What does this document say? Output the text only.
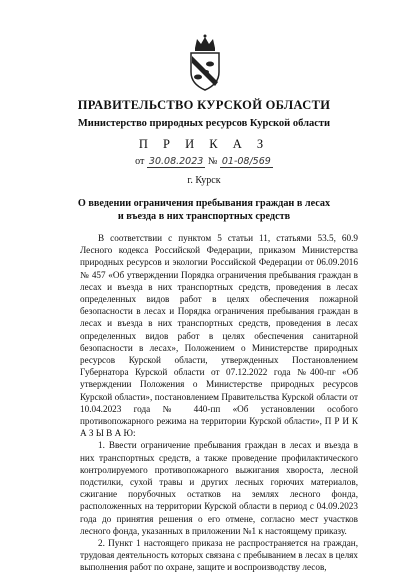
ПРАВИТЕЛЬСТВО КУРСКОЙ ОБЛАСТИ
Министерство природных ресурсов Курской области
П Р И К А З
от 30.08.2023 № 01-08/569
г. Курск
О введении ограничения пребывания граждан в лесах
и въезда в них транспортных средств

В соответствии с пунктом 5 статьи 11, статьями 53.5, 60.9 Лесного кодекса Российской Федерации, приказом Министерства природных ресурсов и экологии Российской Федерации от 06.09.2016 № 457 «Об утверждении Порядка ограничения пребывания граждан в лесах и въезда в них транспортных средств, проведения в лесах определенных видов работ в целях обеспечения пожарной безопасности в лесах и Порядка ограничения пребывания граждан в лесах и въезда в них транспортных средств, проведения в лесах определенных видов работ в целях обеспечения санитарной безопасности в лесах», Положением о Министерстве природных ресурсов Курской области, утвержденных Постановлением Губернатора Курской области от 07.12.2022 года №400-пг «Об утверждении Положения о Министерстве природных ресурсов Курской области», постановлением Правительства Курской области от 10.04.2023 года № 440-пп «Об установлении особого противопожарного режима на территории Курской области», П Р И К А З Ы В А Ю:

1. Ввести ограничение пребывания граждан в лесах и въезда в них транспортных средств, а также проведение профилактического контролируемого противопожарного выжигания хвороста, лесной подстилки, сухой травы и других лесных горючих материалов, сжигание порубочных остатков на землях лесного фонда, расположенных на территории Курской области в период с 04.09.2023 года до принятия решения о его отмене, согласно мест участков лесного фонда, указанных в приложении №1 к настоящему приказу.

2. Пункт 1 настоящего приказа не распространяется на граждан, трудовая деятельность которых связана с пребыванием в лесах в целях выполнения работ по охране, защите и воспроизводству лесов,
